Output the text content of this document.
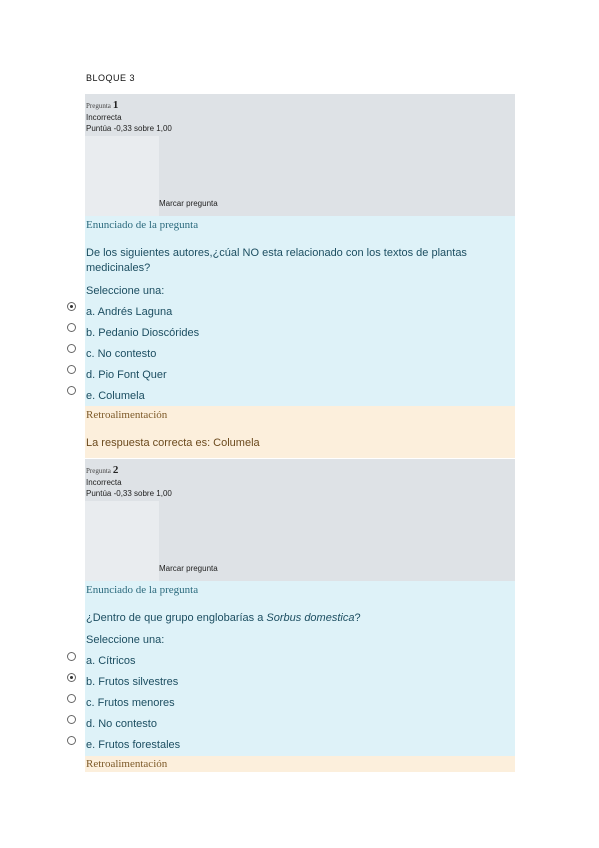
BLOQUE 3
Pregunta 1
Incorrecta
Puntúa -0,33 sobre 1,00
Marcar pregunta
Enunciado de la pregunta
De los siguientes autores,¿cúal NO esta relacionado con los textos de plantas medicinales?
Seleccione una:
a. Andrés Laguna
b. Pedanio Dioscórides
c. No contesto
d. Pio Font Quer
e. Columela
Retroalimentación
La respuesta correcta es: Columela
Pregunta 2
Incorrecta
Puntúa -0,33 sobre 1,00
Marcar pregunta
Enunciado de la pregunta
¿Dentro de que grupo englobarías a Sorbus domestica?
Seleccione una:
a. Cítricos
b. Frutos silvestres
c. Frutos menores
d. No contesto
e. Frutos forestales
Retroalimentación
